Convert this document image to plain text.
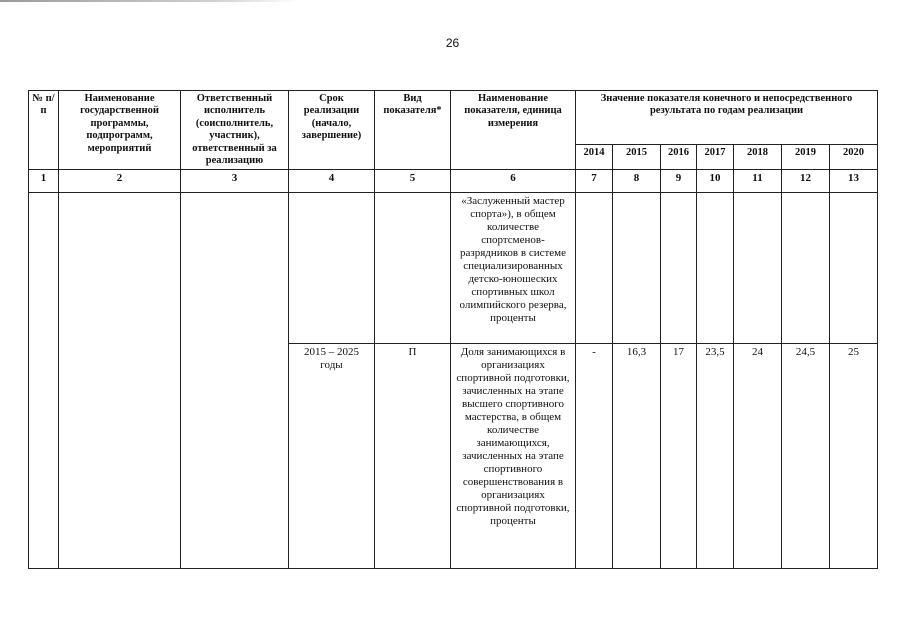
26
№ п/п	Наименование государственной программы, подпрограмм, мероприятий	Ответственный исполнитель (соисполнитель, участник), ответственный за реализацию	Срок реализации (начало, завершение)	Вид показателя*	Наименование показателя, единица измерения	Значение показателя конечного и непосредственного результата по годам реализации						
						2014	2015	2016	2017	2018	2019	2020
1	2	3	4	5	6	7	8	9	10	11	12	13
					«Заслуженный мастер спорта»), в общем количестве спортсменов-разрядников в системе специализированных детско-юношеских спортивных школ олимпийского резерва, проценты							
			2015 – 2025 годы	П	Доля занимающихся в организациях спортивной подготовки, зачисленных на этапе высшего спортивного мастерства, в общем количестве занимающихся, зачисленных на этапе спортивного совершенствования в организациях спортивной подготовки, проценты	-	16,3	17	23,5	24	24,5	25
